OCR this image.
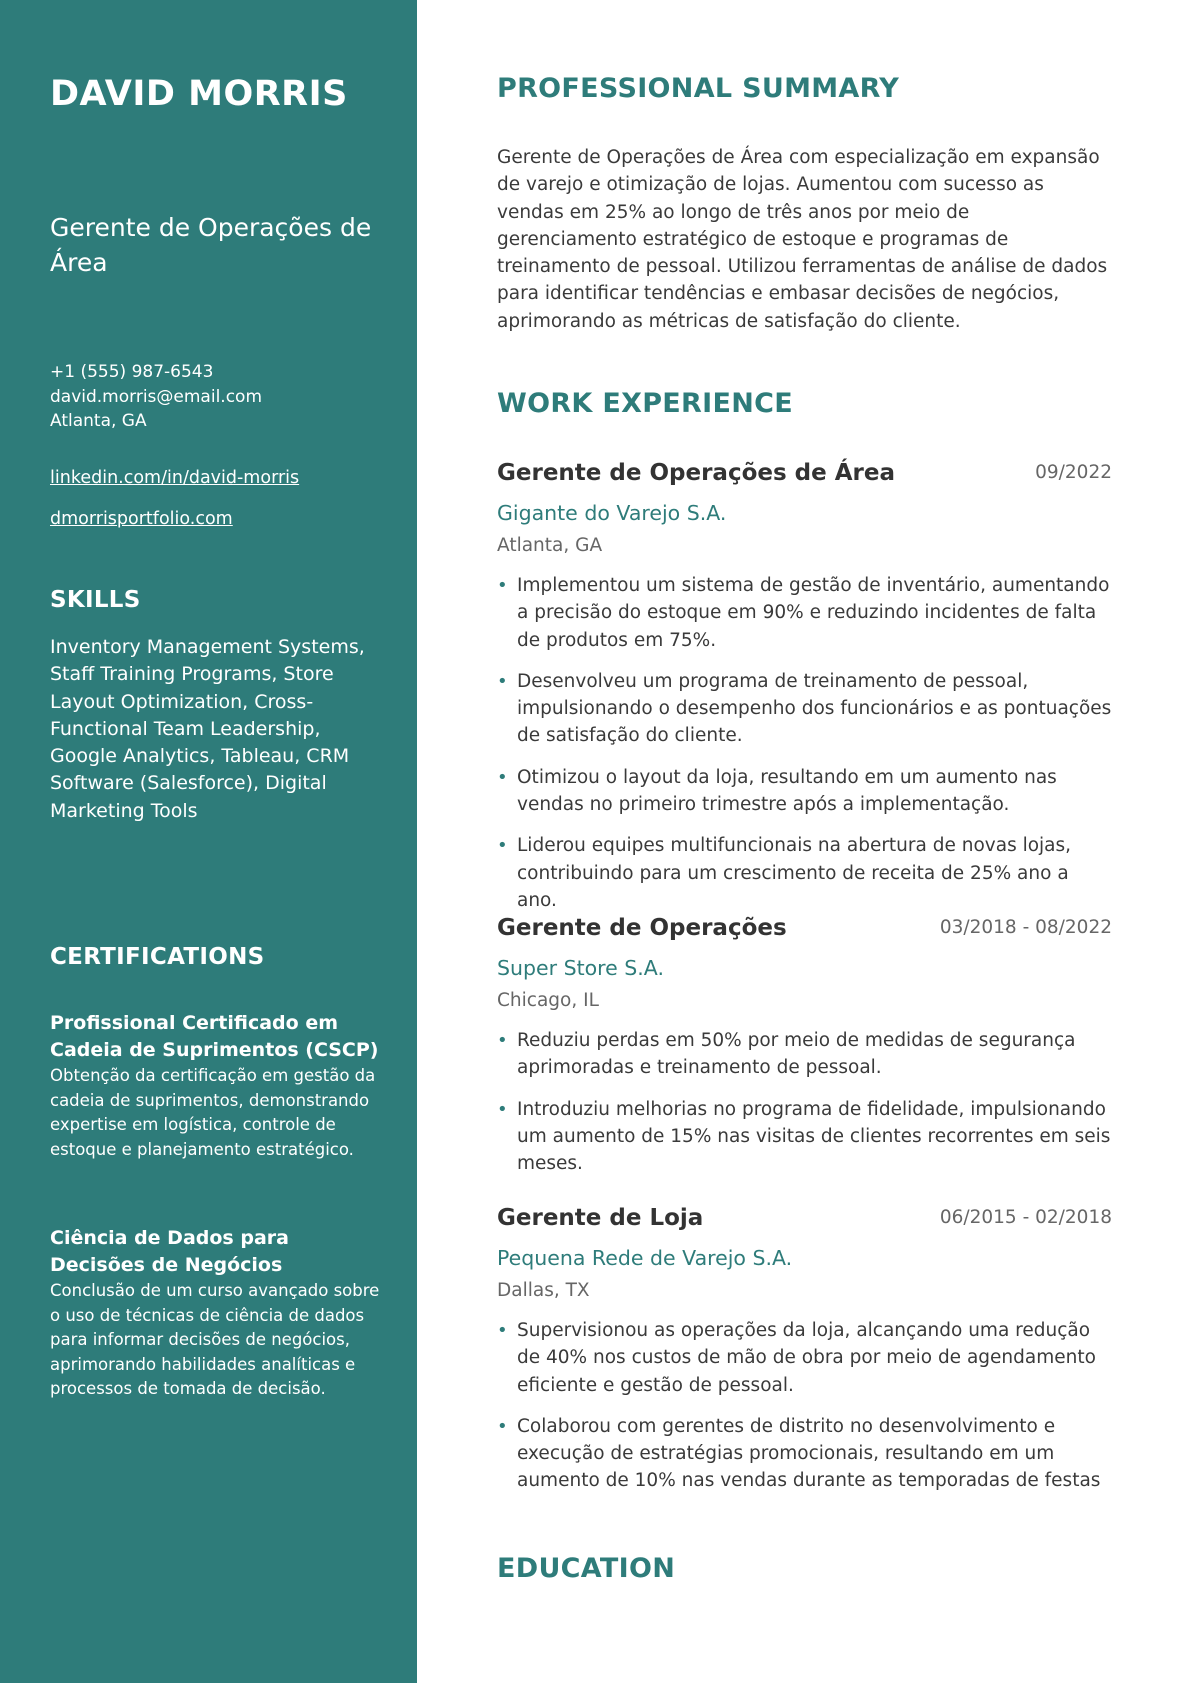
DAVID MORRIS
Gerente de Operações de Área
+1 (555) 987-6543
david.morris@email.com
Atlanta, GA
linkedin.com/in/david-morris
dmorrisportfolio.com
SKILLS

Inventory Management Systems, Staff Training Programs, Store Layout Optimization, Cross-Functional Team Leadership, Google Analytics, Tableau, CRM Software (Salesforce), Digital Marketing Tools

CERTIFICATIONS

Profissional Certificado em Cadeia de Suprimentos (CSCP)

Obtenção da certificação em gestão da cadeia de suprimentos, demonstrando expertise em logística, controle de estoque e planejamento estratégico.

Ciência de Dados para Decisões de Negócios

Conclusão de um curso avançado sobre o uso de técnicas de ciência de dados para informar decisões de negócios, aprimorando habilidades analíticas e processos de tomada de decisão.

PROFESSIONAL SUMMARY

Gerente de Operações de Área com especialização em expansão de varejo e otimização de lojas. Aumentou com sucesso as vendas em 25% ao longo de três anos por meio de gerenciamento estratégico de estoque e programas de treinamento de pessoal. Utilizou ferramentas de análise de dados para identificar tendências e embasar decisões de negócios, aprimorando as métricas de satisfação do cliente.

WORK EXPERIENCE
Gerente de Operações de Área	09/2022

Gigante do Varejo S.A.

Atlanta, GA

• Implementou um sistema de gestão de inventário, aumentando a precisão do estoque em 90% e reduzindo incidentes de falta de produtos em 75%.
• Desenvolveu um programa de treinamento de pessoal, impulsionando o desempenho dos funcionários e as pontuações de satisfação do cliente.
• Otimizou o layout da loja, resultando em um aumento nas vendas no primeiro trimestre após a implementação.
• Liderou equipes multifuncionais na abertura de novas lojas, contribuindo para um crescimento de receita de 25% ano a ano.
Gerente de Operações	03/2018 - 08/2022

Super Store S.A.

Chicago, IL

• Reduziu perdas em 50% por meio de medidas de segurança aprimoradas e treinamento de pessoal.
• Introduziu melhorias no programa de fidelidade, impulsionando um aumento de 15% nas visitas de clientes recorrentes em seis meses.
Gerente de Loja	06/2015 - 02/2018

Pequena Rede de Varejo S.A.

Dallas, TX

• Supervisionou as operações da loja, alcançando uma redução de 40% nos custos de mão de obra por meio de agendamento eficiente e gestão de pessoal.
• Colaborou com gerentes de distrito no desenvolvimento e execução de estratégias promocionais, resultando em um aumento de 10% nas vendas durante as temporadas de festas
EDUCATION
